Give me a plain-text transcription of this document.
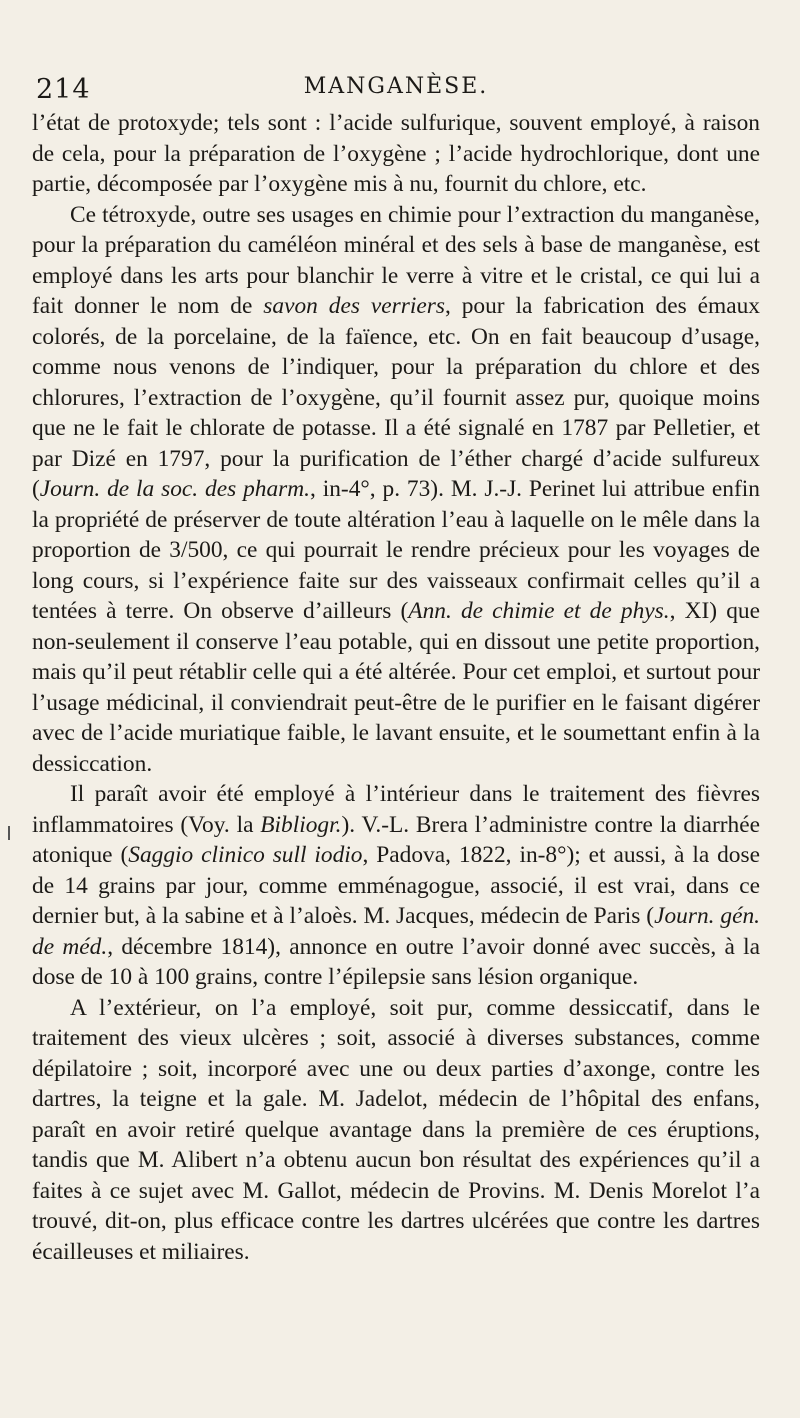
214	MANGANÈSE.

l’état de protoxyde; tels sont : l’acide sulfurique, souvent employé, à raison de cela, pour la préparation de l’oxygène ; l’acide hydrochlorique, dont une partie, décomposée par l’oxygène mis à nu, fournit du chlore, etc.

Ce tétroxyde, outre ses usages en chimie pour l’extraction du manganèse, pour la préparation du caméléon minéral et des sels à base de manganèse, est employé dans les arts pour blanchir le verre à vitre et le cristal, ce qui lui a fait donner le nom de savon des verriers, pour la fabrication des émaux colorés, de la porcelaine, de la faïence, etc. On en fait beaucoup d’usage, comme nous venons de l’indiquer, pour la préparation du chlore et des chlorures, l’extraction de l’oxygène, qu’il fournit assez pur, quoique moins que ne le fait le chlorate de potasse. Il a été signalé en 1787 par Pelletier, et par Dizé en 1797, pour la purification de l’éther chargé d’acide sulfureux (Journ. de la soc. des pharm., in-4°, p. 73). M. J.-J. Perinet lui attribue enfin la propriété de préserver de toute altération l’eau à laquelle on le mêle dans la proportion de 3/500, ce qui pourrait le rendre précieux pour les voyages de long cours, si l’expérience faite sur des vaisseaux confirmait celles qu’il a tentées à terre. On observe d’ailleurs (Ann. de chimie et de phys., XI) que non-seulement il conserve l’eau potable, qui en dissout une petite proportion, mais qu’il peut rétablir celle qui a été altérée. Pour cet emploi, et surtout pour l’usage médicinal, il conviendrait peut-être de le purifier en le faisant digérer avec de l’acide muriatique faible, le lavant ensuite, et le soumettant enfin à la dessiccation.

Il paraît avoir été employé à l’intérieur dans le traitement des fièvres inflammatoires (Voy. la Bibliogr.). V.-L. Brera l’administre contre la diarrhée atonique (Saggio clinico sull iodio, Padova, 1822, in-8°); et aussi, à la dose de 14 grains par jour, comme emménagogue, associé, il est vrai, dans ce dernier but, à la sabine et à l’aloès. M. Jacques, médecin de Paris (Journ. gén. de méd., décembre 1814), annonce en outre l’avoir donné avec succès, à la dose de 10 à 100 grains, contre l’épilepsie sans lésion organique.

A l’extérieur, on l’a employé, soit pur, comme dessiccatif, dans le traitement des vieux ulcères ; soit, associé à diverses substances, comme dépilatoire ; soit, incorporé avec une ou deux parties d’axonge, contre les dartres, la teigne et la gale. M. Jadelot, médecin de l’hôpital des enfans, paraît en avoir retiré quelque avantage dans la première de ces éruptions, tandis que M. Alibert n’a obtenu aucun bon résultat des expériences qu’il a faites à ce sujet avec M. Gallot, médecin de Provins. M. Denis Morelot l’a trouvé, dit-on, plus efficace contre les dartres ulcérées que contre les dartres écailleuses et miliaires.
